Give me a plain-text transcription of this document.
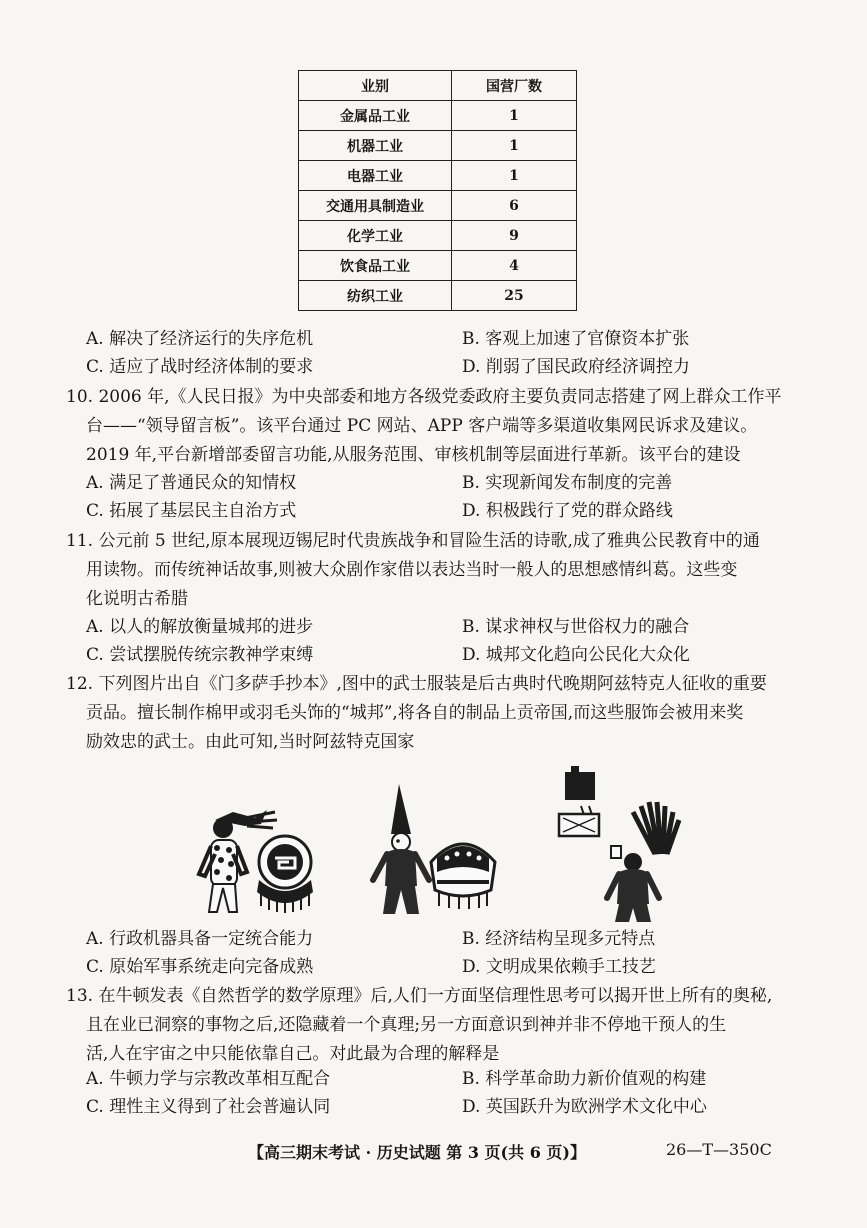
业别	国营厂数
金属品工业	1
机器工业	1
电器工业	1
交通用具制造业	6
化学工业	9
饮食品工业	4
纺织工业	25
A. 解决了经济运行的失序危机	B. 客观上加速了官僚资本扩张
C. 适应了战时经济体制的要求	D. 削弱了国民政府经济调控力
10. 2006 年,《人民日报》为中央部委和地方各级党委政府主要负责同志搭建了网上群众工作平
台——“领导留言板”。该平台通过 PC 网站、APP 客户端等多渠道收集网民诉求及建议。
2019 年,平台新增部委留言功能,从服务范围、审核机制等层面进行革新。该平台的建设
A. 满足了普通民众的知情权	B. 实现新闻发布制度的完善
C. 拓展了基层民主自治方式	D. 积极践行了党的群众路线
11. 公元前 5 世纪,原本展现迈锡尼时代贵族战争和冒险生活的诗歌,成了雅典公民教育中的通
用读物。而传统神话故事,则被大众剧作家借以表达当时一般人的思想感情纠葛。这些变
化说明古希腊
A. 以人的解放衡量城邦的进步	B. 谋求神权与世俗权力的融合
C. 尝试摆脱传统宗教神学束缚	D. 城邦文化趋向公民化大众化
12. 下列图片出自《门多萨手抄本》,图中的武士服装是后古典时代晚期阿兹特克人征收的重要
贡品。擅长制作棉甲或羽毛头饰的“城邦”,将各自的制品上贡帝国,而这些服饰会被用来奖
励效忠的武士。由此可知,当时阿兹特克国家
A. 行政机器具备一定统合能力	B. 经济结构呈现多元特点
C. 原始军事系统走向完备成熟	D. 文明成果依赖手工技艺
13. 在牛顿发表《自然哲学的数学原理》后,人们一方面坚信理性思考可以揭开世上所有的奥秘,
且在业已洞察的事物之后,还隐藏着一个真理;另一方面意识到神并非不停地干预人的生
活,人在宇宙之中只能依靠自己。对此最为合理的解释是
A. 牛顿力学与宗教改革相互配合	B. 科学革命助力新价值观的构建
C. 理性主义得到了社会普遍认同	D. 英国跃升为欧洲学术文化中心
【高三期末考试 · 历史试题 第 3 页(共 6 页)】	26—T—350C
